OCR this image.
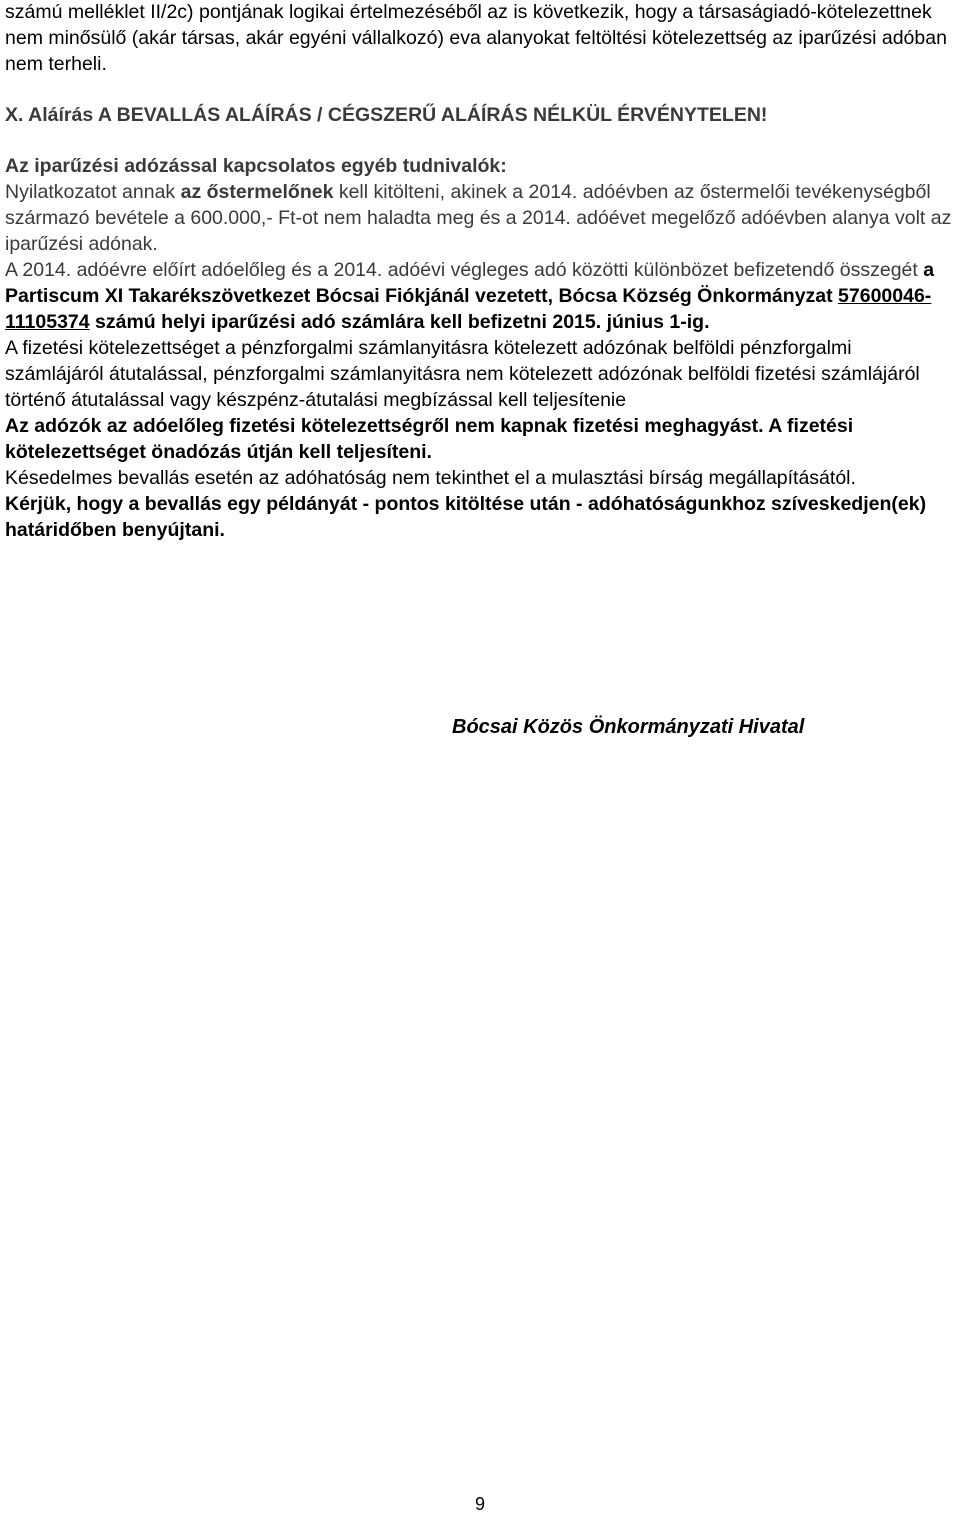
számú melléklet II/2c) pontjának logikai értelmezéséből az is következik, hogy a társaságiadó-kötelezettnek nem minősülő (akár társas, akár egyéni vállalkozó) eva alanyokat feltöltési kötelezettség az iparűzési adóban nem terheli.

X. Aláírás A BEVALLÁS ALÁÍRÁS / CÉGSZERŰ ALÁÍRÁS NÉLKÜL ÉRVÉNYTELEN!

Az iparűzési adózással kapcsolatos egyéb tudnivalók:

Nyilatkozatot annak az őstermelőnek kell kitölteni, akinek a 2014. adóévben az őstermelői tevékenységből származó bevétele a 600.000,- Ft-ot nem haladta meg és a 2014. adóévet megelőző adóévben alanya volt az iparűzési adónak.

A 2014. adóévre előírt adóelőleg és a 2014. adóévi végleges adó közötti különbözet befizetendő összegét a Partiscum XI Takarékszövetkezet Bócsai Fiókjánál vezetett, Bócsa Község Önkormányzat 57600046-11105374 számú helyi iparűzési adó számlára kell befizetni 2015. június 1-ig.

A fizetési kötelezettséget a pénzforgalmi számlanyitásra kötelezett adózónak belföldi pénzforgalmi számlájáról átutalással, pénzforgalmi számlanyitásra nem kötelezett adózónak belföldi fizetési számlájáról történő átutalással vagy készpénz-átutalási megbízással kell teljesítenie

Az adózók az adóelőleg fizetési kötelezettségről nem kapnak fizetési meghagyást. A fizetési kötelezettséget önadózás útján kell teljesíteni.

Késedelmes bevallás esetén az adóhatóság nem tekinthet el a mulasztási bírság megállapításától.

Kérjük, hogy a bevallás egy példányát - pontos kitöltése után - adóhatóságunkhoz szíveskedjen(ek) határidőben benyújtani.

Bócsai Közös Önkormányzati Hivatal
9
